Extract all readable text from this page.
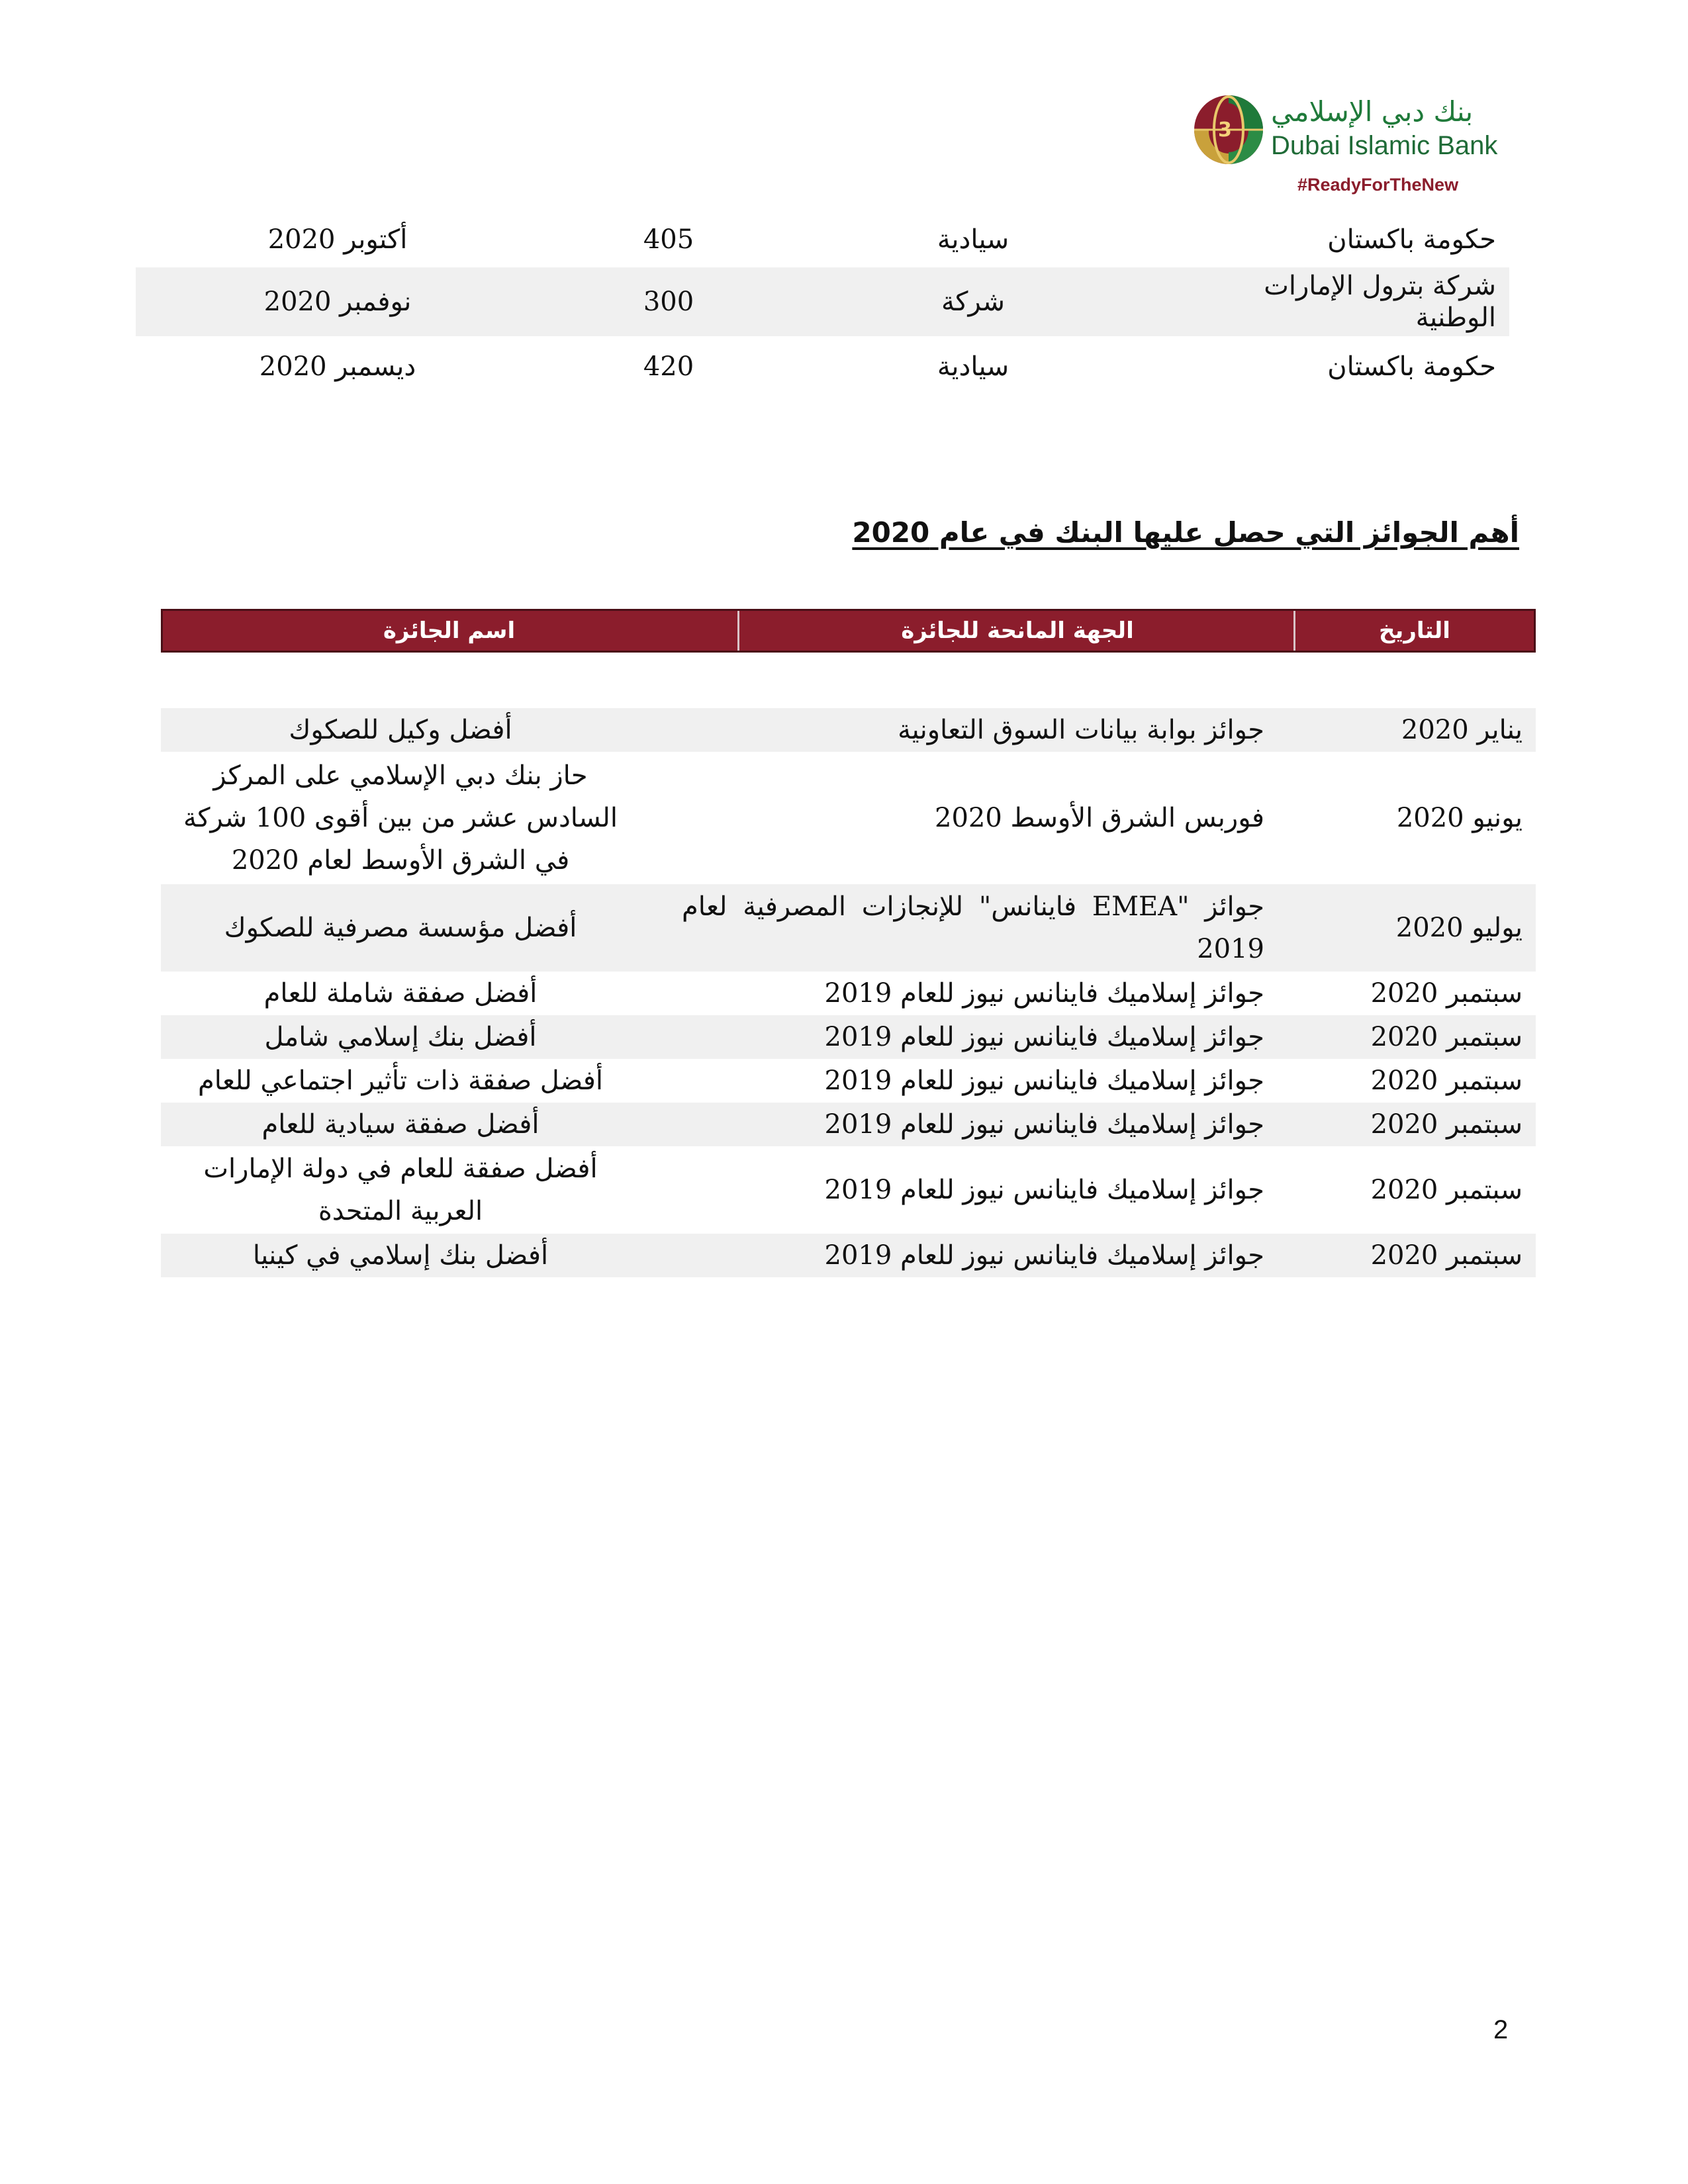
3
بنك دبي الإسلامي
Dubai Islamic Bank
#ReadyForTheNew
حكومة باكستان
سيادية
405
أكتوبر 2020
شركة بترول الإمارات الوطنية
شركة
300
نوفمبر 2020
حكومة باكستان
سيادية
420
ديسمبر 2020
أهم الجوائز التي حصل عليها البنك في عام 2020
التاريخ
الجهة المانحة للجائزة
اسم الجائزة
يناير 2020
جوائز بوابة بيانات السوق التعاونية
أفضل وكيل للصكوك
يونيو 2020
فوربس الشرق الأوسط 2020
حاز بنك دبي الإسلامي على المركز السادس عشر من بين أقوى 100 شركة في الشرق الأوسط لعام 2020
يوليو 2020
جوائز "EMEA فاينانس" للإنجازات المصرفية لعام 2019
أفضل مؤسسة مصرفية للصكوك
سبتمبر 2020
جوائز إسلاميك فاينانس نيوز للعام 2019
أفضل صفقة شاملة للعام
سبتمبر 2020
جوائز إسلاميك فاينانس نيوز للعام 2019
أفضل بنك إسلامي شامل
سبتمبر 2020
جوائز إسلاميك فاينانس نيوز للعام 2019
أفضل صفقة ذات تأثير اجتماعي للعام
سبتمبر 2020
جوائز إسلاميك فاينانس نيوز للعام 2019
أفضل صفقة سيادية للعام
سبتمبر 2020
جوائز إسلاميك فاينانس نيوز للعام 2019
أفضل صفقة للعام في دولة الإمارات العربية المتحدة
سبتمبر 2020
جوائز إسلاميك فاينانس نيوز للعام 2019
أفضل بنك إسلامي في كينيا
2
